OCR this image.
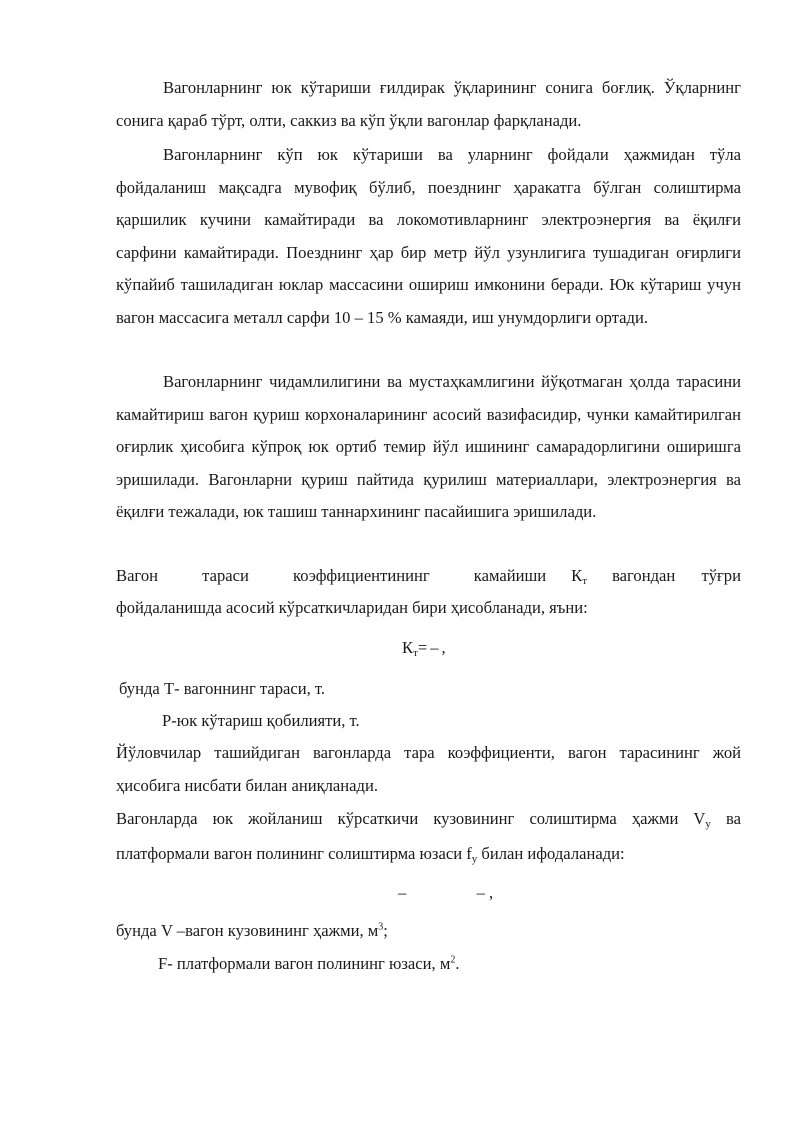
Вагонларнинг юк кўтариши ғилдирак ўқларининг сонига боғлиқ. Ўқларнинг сонига қараб тўрт, олти, саккиз ва кўп ўқли вагонлар фарқланади.

Вагонларнинг кўп юк кўтариши ва уларнинг фойдали ҳажмидан тўла фойдаланиш мақсадга мувофиқ бўлиб, поезднинг ҳаракатга бўлган солиштирма қаршилик кучини камайтиради ва локомотивларнинг электроэнергия ва ёқилғи сарфини камайтиради. Поезднинг ҳар бир метр йўл узунлигига тушадиган оғирлиги кўпайиб ташиладиган юклар массасини ошириш имконини беради. Юк кўтариш учун вагон массасига металл сарфи 10 – 15 % камаяди, иш унумдорлиги ортади.

Вагонларнинг чидамлилигини ва мустаҳкамлигини йўқотмаган ҳолда тарасини камайтириш вагон қуриш корхоналарининг асосий вазифасидир, чунки камайтирилган оғирлик ҳисобига кўпроқ юк ортиб темир йўл ишининг самарадорлигини оширишга эришилади. Вагонларни қуриш пайтида қурилиш материаллари, электроэнергия ва ёқилғи тежалади, юк ташиш таннархининг пасайишига эришилади.

Вагон тараси коэффициентининг камайиши Кт вагондан тўғри
фойдаланишда асосий кўрсаткичларидан бири ҳисобланади, яъни:
Кт=–,
бунда Т- вагоннинг тараси, т.
Р-юк кўтариш қобилияти, т.

Йўловчилар ташийдиган вагонларда тара коэффициенти, вагон тарасининг жой ҳисобига нисбати билан аниқланади.

Вагонларда юк жойланиш кўрсаткичи кузовининг солиштирма ҳажми Vу ва платформали вагон полининг солиштирма юзаси fу билан ифодаланади:

–	– ,
бунда V –вагон кузовининг ҳажми, $м^3$;
F- платформали вагон полининг юзаси, $м^2$.
